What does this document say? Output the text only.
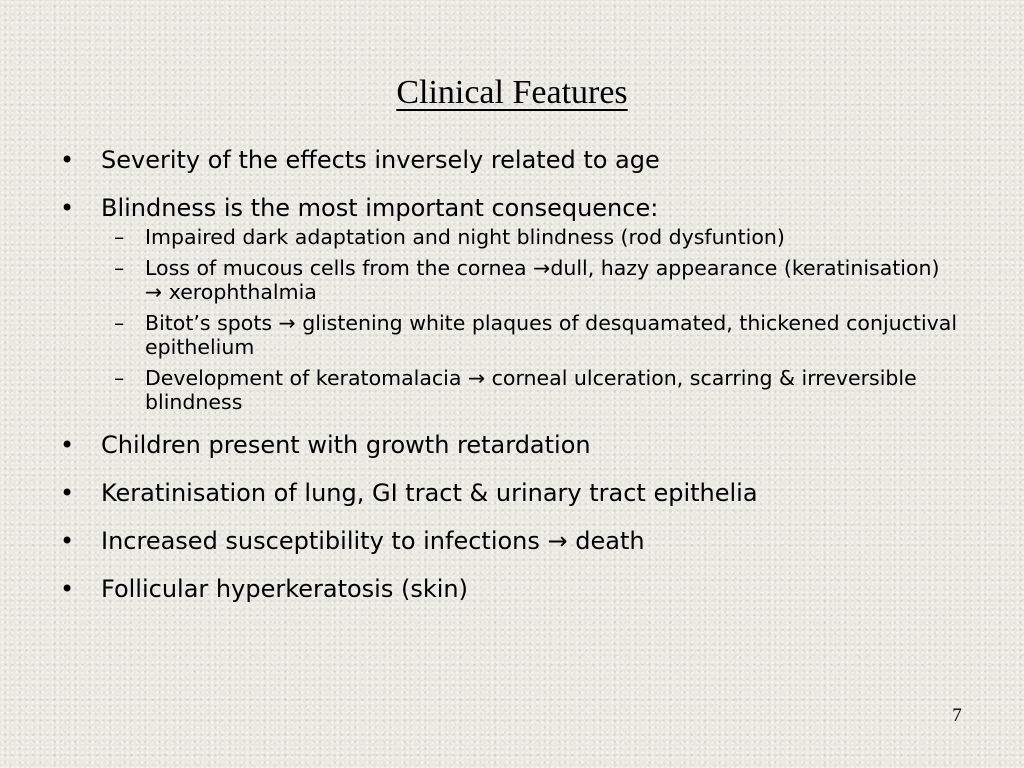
Clinical Features
• Severity of the effects inversely related to age
• Blindness is the most important consequence:
– Impaired dark adaptation and night blindness (rod dysfuntion)
– Loss of mucous cells from the cornea →dull, hazy appearance (keratinisation) → xerophthalmia
– Bitot’s spots → glistening white plaques of desquamated, thickened conjuctival epithelium
– Development of keratomalacia → corneal ulceration, scarring & irreversible blindness
• Children present with growth retardation
• Keratinisation of lung, GI tract & urinary tract epithelia
• Increased susceptibility to infections → death
• Follicular hyperkeratosis (skin)
7
